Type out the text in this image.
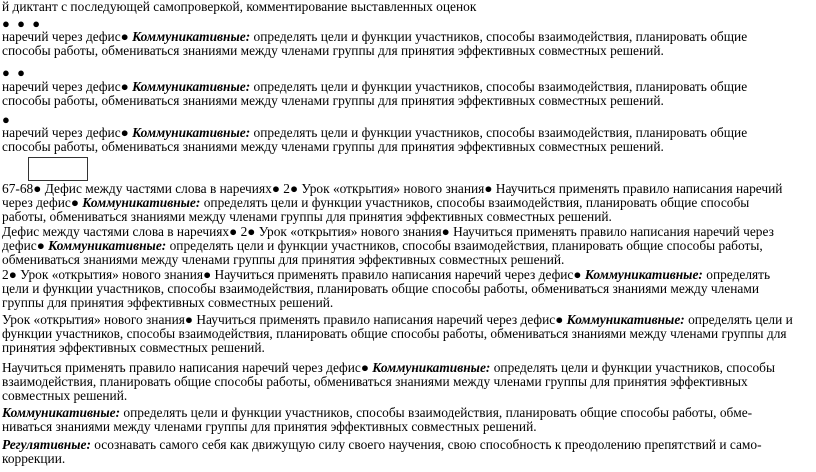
й диктант с последующей самопроверкой, комментирование выставленных оценок
● ● ●
наречий через дефис● Коммуникативные: определять цели и функции участников, способы взаимодействия, планировать общие
способы работы, обмениваться знаниями между членами группы для принятия эффективных совместных решений.
● ●
наречий через дефис● Коммуникативные: определять цели и функции участников, способы взаимодействия, планировать общие
способы работы, обмениваться знаниями между членами группы для принятия эффективных совместных решений.
●
наречий через дефис● Коммуникативные: определять цели и функции участников, способы взаимодействия, планировать общие
способы работы, обмениваться знаниями между членами группы для принятия эффективных совместных решений.
67-68● Дефис между частями слова в наречиях● 2● Урок «открытия» нового знания● Научиться применять правило написания наречий
через дефис● Коммуникативные: определять цели и функции участников, способы взаимодействия, планировать общие способы
работы, обмениваться знаниями между членами группы для принятия эффективных совместных решений.
Дефис между частями слова в наречиях● 2● Урок «открытия» нового знания● Научиться применять правило написания наречий через
дефис● Коммуникативные: определять цели и функции участников, способы взаимодействия, планировать общие способы работы,
обмениваться знаниями между членами группы для принятия эффективных совместных решений.
2● Урок «открытия» нового знания● Научиться применять правило написания наречий через дефис● Коммуникативные: определять
цели и функции участников, способы взаимодействия, планировать общие способы работы, обмениваться знаниями между членами
группы для принятия эффективных совместных решений.
Урок «открытия» нового знания● Научиться применять правило написания наречий через дефис● Коммуникативные: определять цели и
функции участников, способы взаимодействия, планировать общие способы работы, обмениваться знаниями между членами группы для
принятия эффективных совместных решений.
Научиться применять правило написания наречий через дефис● Коммуникативные: определять цели и функции участников, способы
взаимодействия, планировать общие способы работы, обмениваться знаниями между членами группы для принятия эффективных
совместных решений.
Коммуникативные: определять цели и функции участников, способы взаимодействия, планировать общие способы работы, обме-
ниваться знаниями между членами группы для принятия эффективных совместных решений.
Регулятивные: осознавать самого себя как движущую силу своего научения, свою способность к преодолению препятствий и само-
коррекции.
